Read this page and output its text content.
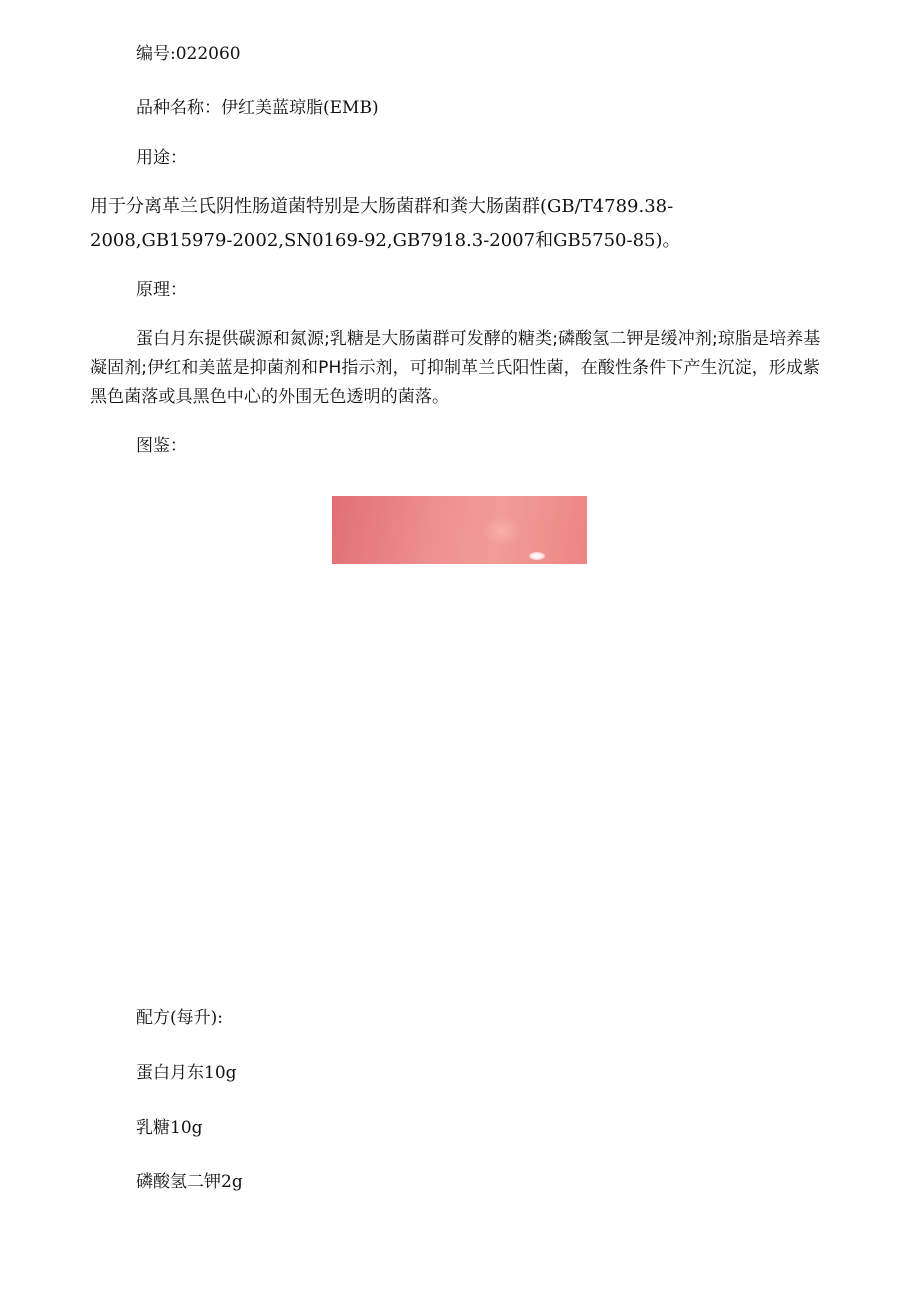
编号:022060
品种名称：伊红美蓝琼脂(EMB)
用途：
用于分离革兰氏阴性肠道菌特别是大肠菌群和粪大肠菌群(GB/T4789.38-2008,GB15979-2002,SN0169-92,GB7918.3-2007和GB5750-85)。
原理：
蛋白月东提供碳源和氮源;乳糖是大肠菌群可发酵的糖类;磷酸氢二钾是缓冲剂;琼脂是培养基凝固剂;伊红和美蓝是抑菌剂和PH指示剂，可抑制革兰氏阳性菌，在酸性条件下产生沉淀，形成紫黑色菌落或具黑色中心的外围无色透明的菌落。
图鉴：
配方(每升):
蛋白月东10g
乳糖10g
磷酸氢二钾2g
